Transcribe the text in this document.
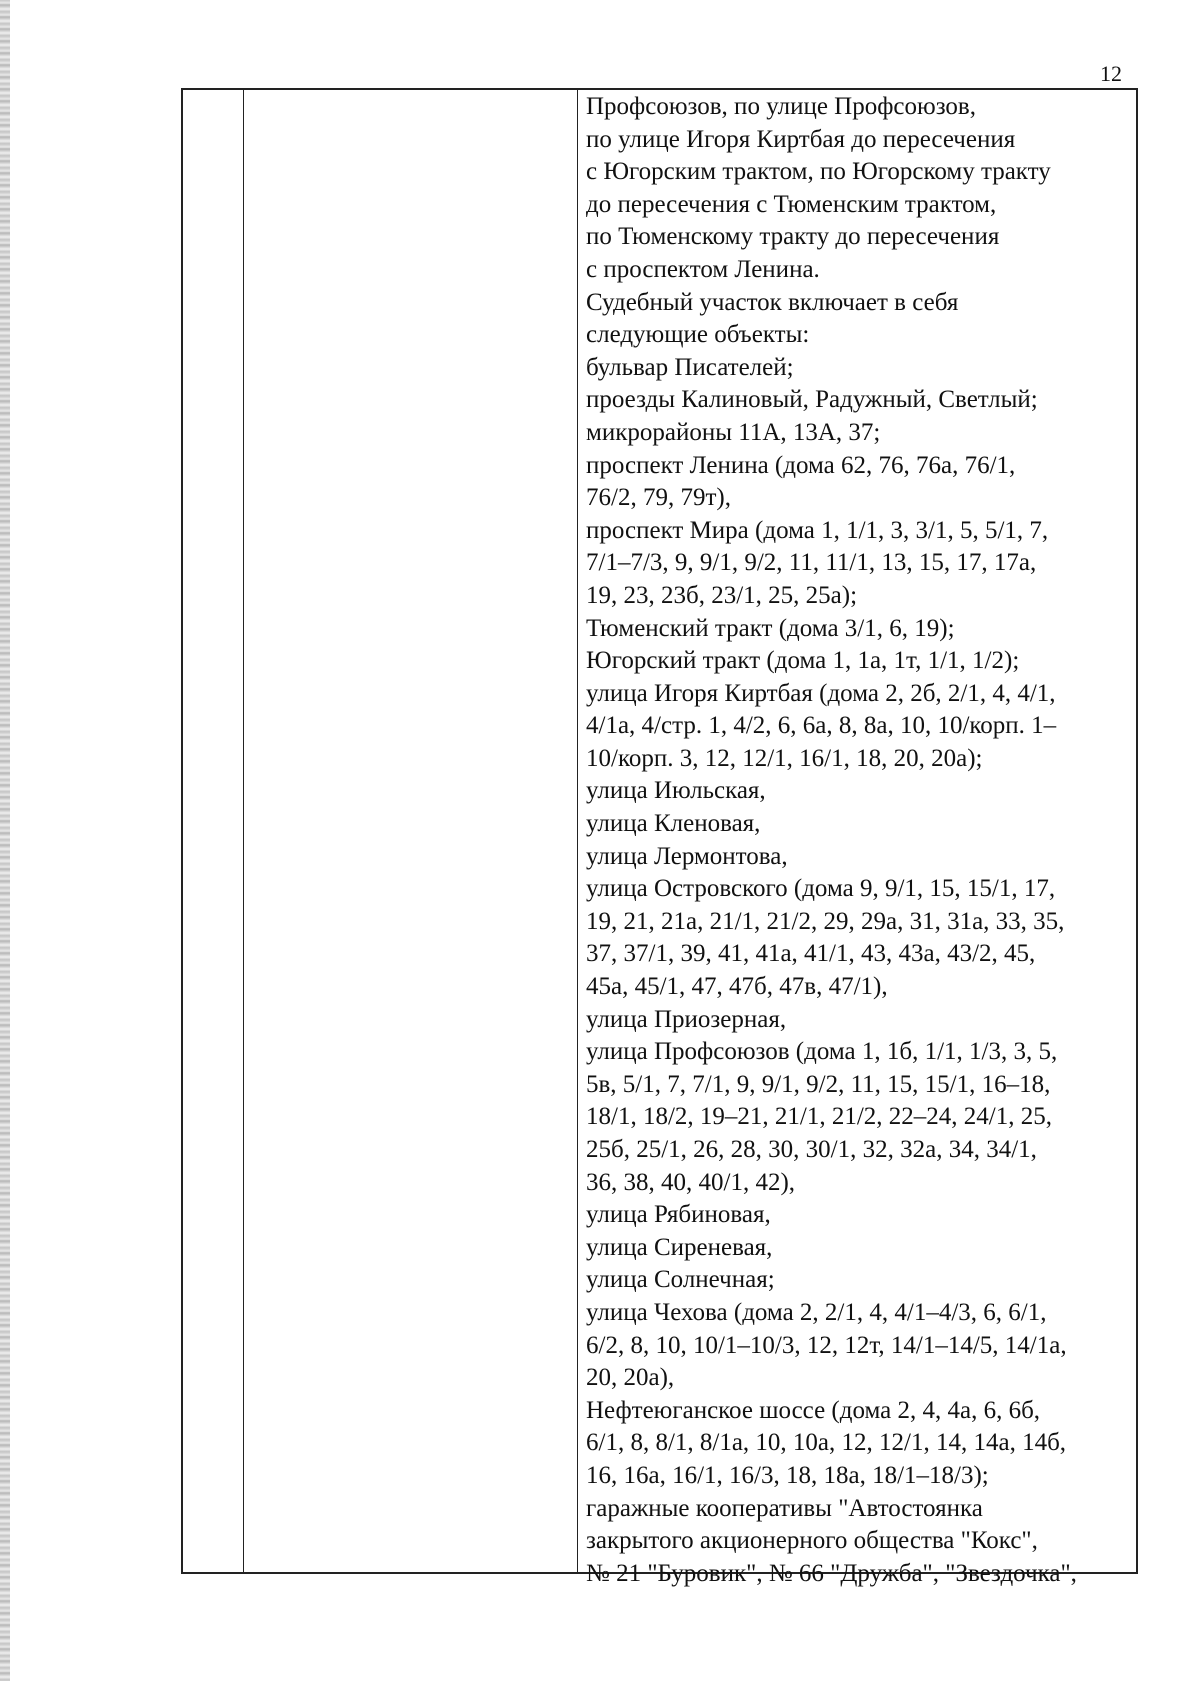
12
Профсоюзов, по улице Профсоюзов,
по улице Игоря Киртбая до пересечения
с Югорским трактом, по Югорскому тракту
до пересечения с Тюменским трактом,
по Тюменскому тракту до пересечения
с проспектом Ленина.
Судебный участок включает в себя
следующие объекты:
бульвар Писателей;
проезды Калиновый, Радужный, Светлый;
микрорайоны 11А, 13А, 37;
проспект Ленина (дома 62, 76, 76а, 76/1,
76/2, 79, 79т),
проспект Мира (дома 1, 1/1, 3, 3/1, 5, 5/1, 7,
7/1–7/3, 9, 9/1, 9/2, 11, 11/1, 13, 15, 17, 17а,
19, 23, 23б, 23/1, 25, 25а);
Тюменский тракт (дома 3/1, 6, 19);
Югорский тракт (дома 1, 1а, 1т, 1/1, 1/2);
улица Игоря Киртбая (дома 2, 2б, 2/1, 4, 4/1,
4/1а, 4/стр. 1, 4/2, 6, 6а, 8, 8а, 10, 10/корп. 1–
10/корп. 3, 12, 12/1, 16/1, 18, 20, 20а);
улица Июльская,
улица Кленовая,
улица Лермонтова,
улица Островского (дома 9, 9/1, 15, 15/1, 17,
19, 21, 21а, 21/1, 21/2, 29, 29а, 31, 31а, 33, 35,
37, 37/1, 39, 41, 41а, 41/1, 43, 43а, 43/2, 45,
45а, 45/1, 47, 47б, 47в, 47/1),
улица Приозерная,
улица Профсоюзов (дома 1, 1б, 1/1, 1/3, 3, 5,
5в, 5/1, 7, 7/1, 9, 9/1, 9/2, 11, 15, 15/1, 16–18,
18/1, 18/2, 19–21, 21/1, 21/2, 22–24, 24/1, 25,
25б, 25/1, 26, 28, 30, 30/1, 32, 32а, 34, 34/1,
36, 38, 40, 40/1, 42),
улица Рябиновая,
улица Сиреневая,
улица Солнечная;
улица Чехова (дома 2, 2/1, 4, 4/1–4/3, 6, 6/1,
6/2, 8, 10, 10/1–10/3, 12, 12т, 14/1–14/5, 14/1а,
20, 20а),
Нефтеюганское шоссе (дома 2, 4, 4а, 6, 6б,
6/1, 8, 8/1, 8/1а, 10, 10а, 12, 12/1, 14, 14а, 14б,
16, 16а, 16/1, 16/3, 18, 18а, 18/1–18/3);
гаражные кооперативы "Автостоянка
закрытого акционерного общества "Кокс",
№ 21 "Буровик", № 66 "Дружба", "Звездочка",
